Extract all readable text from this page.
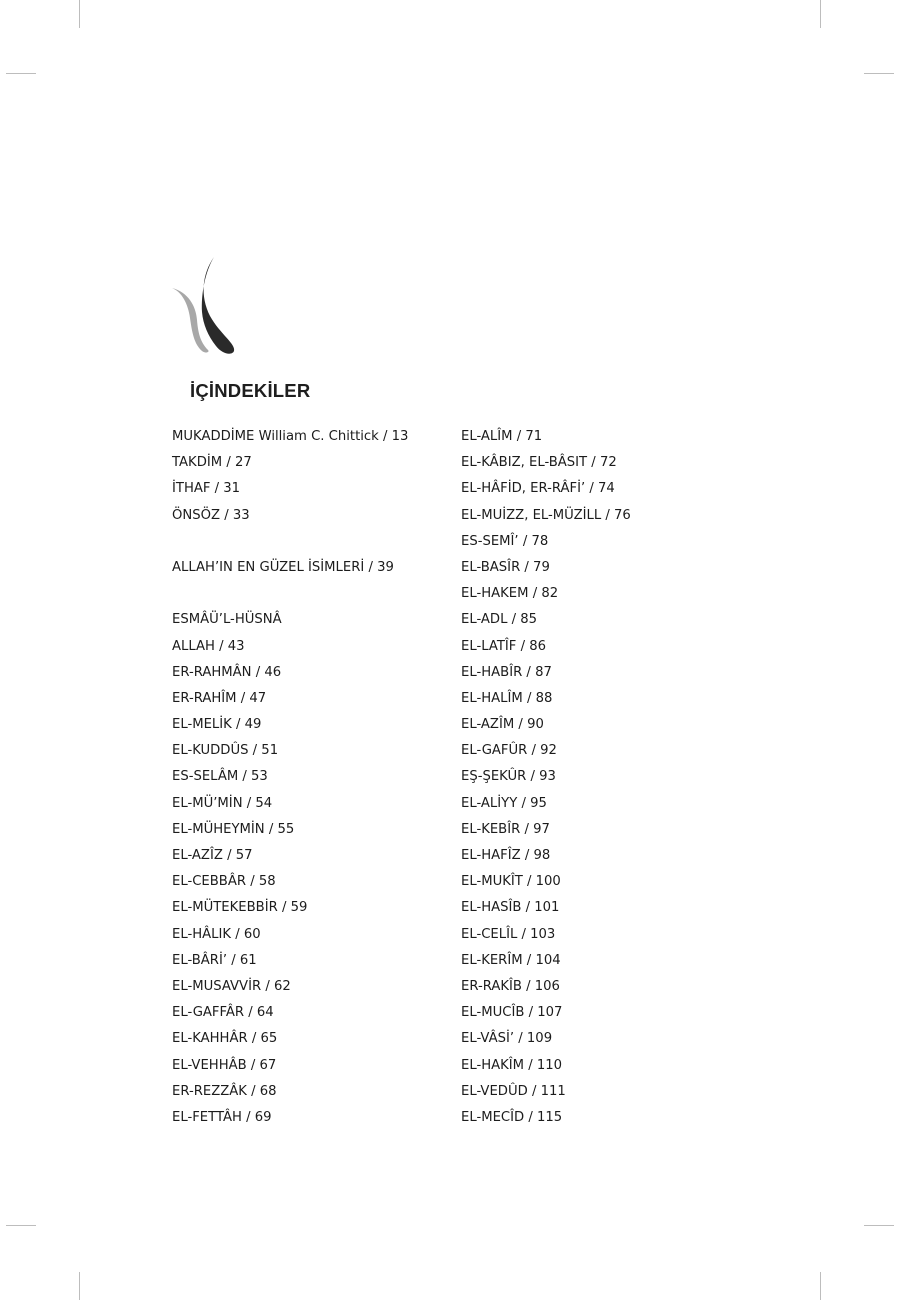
İÇİNDEKİLER
MUKADDİME William C. Chittick / 13
TAKDİM / 27
İTHAF / 31
ÖNSÖZ / 33
ALLAH’IN EN GÜZEL İSİMLERİ / 39
ESMÂÜ’L-HÜSNÂ
ALLAH / 43
ER-RAHMÂN / 46
ER-RAHÎM / 47
EL-MELİK / 49
EL-KUDDÛS / 51
ES-SELÂM / 53
EL-MÜ’MİN / 54
EL-MÜHEYMİN / 55
EL-AZÎZ / 57
EL-CEBBÂR / 58
EL-MÜTEKEBBİR / 59
EL-HÂLIK / 60
EL-BÂRİ’ / 61
EL-MUSAVVİR / 62
EL-GAFFÂR / 64
EL-KAHHÂR / 65
EL-VEHHÂB / 67
ER-REZZÂK / 68
EL-FETTÂH / 69
EL-ALÎM / 71
EL-KÂBIZ, EL-BÂSIT / 72
EL-HÂFİD, ER-RÂFİ’ / 74
EL-MUİZZ, EL-MÜZİLL / 76
ES-SEMÎ’ / 78
EL-BASÎR / 79
EL-HAKEM / 82
EL-ADL / 85
EL-LATÎF / 86
EL-HABÎR / 87
EL-HALÎM / 88
EL-AZÎM / 90
EL-GAFÛR / 92
EŞ-ŞEKÛR / 93
EL-ALİYY / 95
EL-KEBÎR / 97
EL-HAFÎZ / 98
EL-MUKÎT / 100
EL-HASÎB / 101
EL-CELÎL / 103
EL-KERÎM / 104
ER-RAKÎB / 106
EL-MUCÎB / 107
EL-VÂSİ’ / 109
EL-HAKÎM / 110
EL-VEDÛD / 111
EL-MECÎD / 115
